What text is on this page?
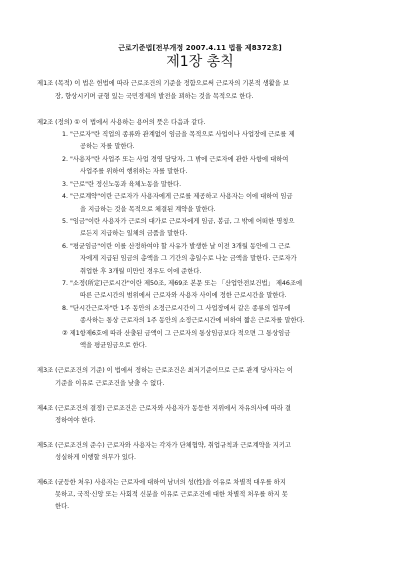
근로기준법[전부개정 2007.4.11 법률 제8372호]
제1장 총칙
제1조 (목적) 이 법은 헌법에 따라 근로조건의 기준을 정함으로써 근로자의 기본적 생활을 보
장, 향상시키며 균형 있는 국민경제의 발전을 꾀하는 것을 목적으로 한다.
제2조 (정의) ① 이 법에서 사용하는 용어의 뜻은 다음과 같다.
1. "근로자"란 직업의 종류와 관계없이 임금을 목적으로 사업이나 사업장에 근로를 제
공하는 자를 말한다.
2. "사용자"란 사업주 또는 사업 경영 담당자, 그 밖에 근로자에 관한 사항에 대하여
사업주를 위하여 행위하는 자를 말한다.
3. "근로"란 정신노동과 육체노동을 말한다.
4. "근로계약"이란 근로자가 사용자에게 근로를 제공하고 사용자는 이에 대하여 임금
을 지급하는 것을 목적으로 체결된 계약을 말한다.
5. "임금"이란 사용자가 근로의 대가로 근로자에게 임금, 봉급, 그 밖에 어떠한 명칭으
로든지 지급하는 일체의 금품을 말한다.
6. "평균임금"이란 이를 산정하여야 할 사유가 발생한 날 이전 3개월 동안에 그 근로
자에게 지급된 임금의 총액을 그 기간의 총일수로 나눈 금액을 말한다. 근로자가
취업한 후 3개월 미만인 경우도 이에 준한다.
7. "소정(所定)근로시간"이란 제50조, 제69조 본문 또는 「산업안전보건법」 제46조에
따른 근로시간의 범위에서 근로자와 사용자 사이에 정한 근로시간을 말한다.
8. "단시간근로자"란 1주 동안의 소정근로시간이 그 사업장에서 같은 종류의 업무에
종사하는 통상 근로자의 1주 동안의 소정근로시간에 비하여 짧은 근로자를 말한다.
② 제1항제6호에 따라 산출된 금액이 그 근로자의 통상임금보다 적으면 그 통상임금
액을 평균임금으로 한다.
제3조 (근로조건의 기준) 이 법에서 정하는 근로조건은 최저기준이므로 근로 관계 당사자는 이
기준을 이유로 근로조건을 낮출 수 없다.
제4조 (근로조건의 결정) 근로조건은 근로자와 사용자가 동등한 지위에서 자유의사에 따라 결
정하여야 한다.
제5조 (근로조건의 준수) 근로자와 사용자는 각자가 단체협약, 취업규칙과 근로계약을 지키고
성실하게 이행할 의무가 있다.
제6조 (균등한 처우) 사용자는 근로자에 대하여 남녀의 성(性)을 이유로 차별적 대우를 하지
못하고, 국적·신앙 또는 사회적 신분을 이유로 근로조건에 대한 차별적 처우를 하지 못
한다.
